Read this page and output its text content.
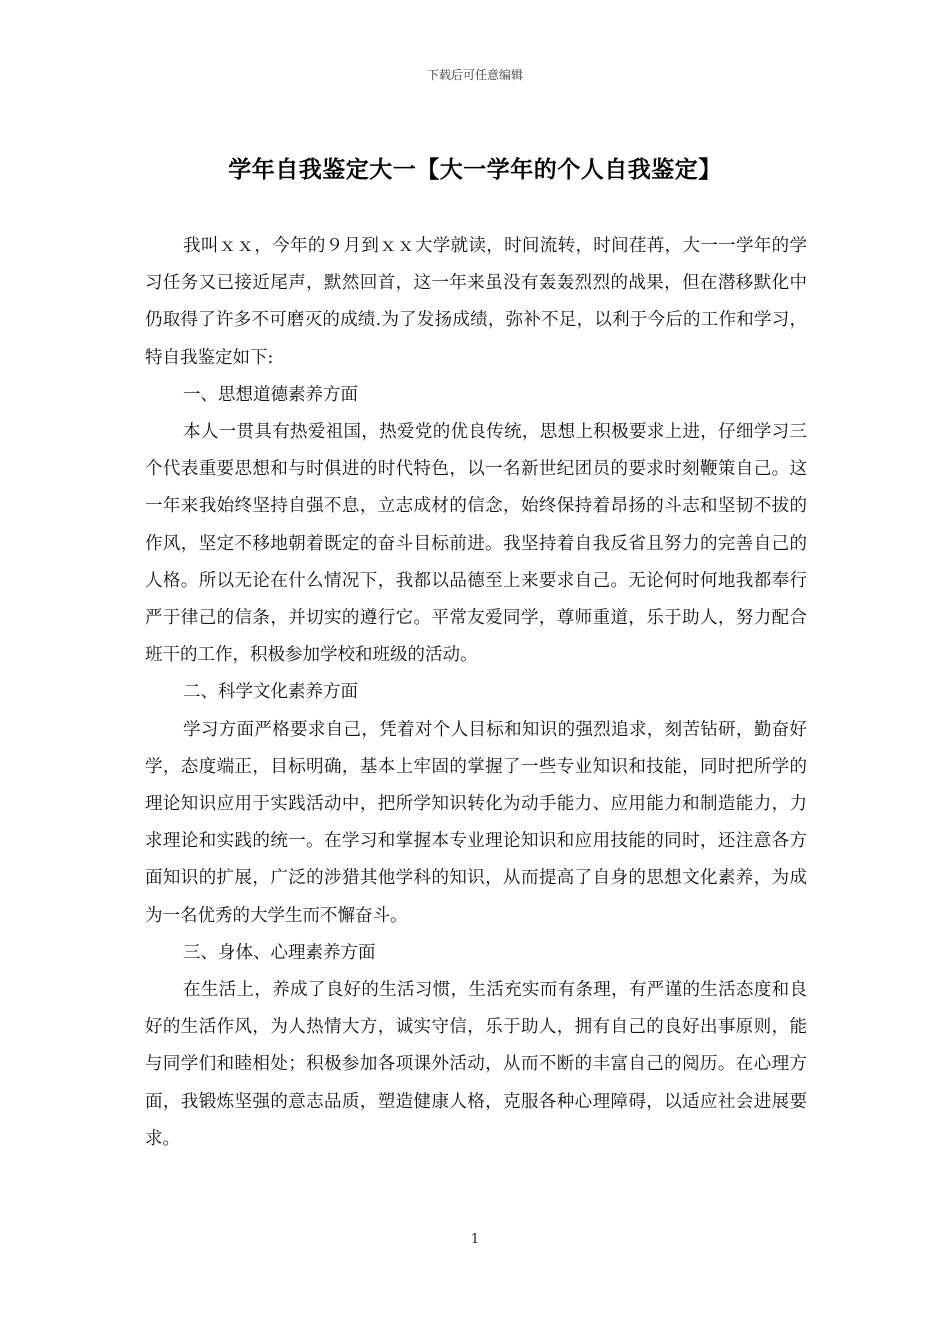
下载后可任意编辑
学年自我鉴定大一【大一学年的个人自我鉴定】

我叫ｘｘ，今年的９月到ｘｘ大学就读，时间流转，时间荏苒，大一一学年的学习任务又已接近尾声，默然回首，这一年来虽没有轰轰烈烈的战果，但在潜移默化中仍取得了许多不可磨灭的成绩.为了发扬成绩，弥补不足，以利于今后的工作和学习，特自我鉴定如下:

一、思想道德素养方面

本人一贯具有热爱祖国，热爱党的优良传统，思想上积极要求上进，仔细学习三个代表重要思想和与时俱进的时代特色，以一名新世纪团员的要求时刻鞭策自己。这一年来我始终坚持自强不息，立志成材的信念，始终保持着昂扬的斗志和坚韧不拔的作风，坚定不移地朝着既定的奋斗目标前进。我坚持着自我反省且努力的完善自己的人格。所以无论在什么情况下，我都以品德至上来要求自己。无论何时何地我都奉行严于律己的信条，并切实的遵行它。平常友爱同学，尊师重道，乐于助人，努力配合班干的工作，积极参加学校和班级的活动。

二、科学文化素养方面

学习方面严格要求自己，凭着对个人目标和知识的强烈追求，刻苦钻研，勤奋好学，态度端正，目标明确，基本上牢固的掌握了一些专业知识和技能，同时把所学的理论知识应用于实践活动中，把所学知识转化为动手能力、应用能力和制造能力，力求理论和实践的统一。在学习和掌握本专业理论知识和应用技能的同时，还注意各方面知识的扩展，广泛的涉猎其他学科的知识，从而提高了自身的思想文化素养，为成为一名优秀的大学生而不懈奋斗。

三、身体、心理素养方面

在生活上，养成了良好的生活习惯，生活充实而有条理，有严谨的生活态度和良好的生活作风，为人热情大方，诚实守信，乐于助人，拥有自己的良好出事原则，能与同学们和睦相处；积极参加各项课外活动，从而不断的丰富自己的阅历。在心理方面，我锻炼坚强的意志品质，塑造健康人格，克服各种心理障碍，以适应社会进展要求。

1
